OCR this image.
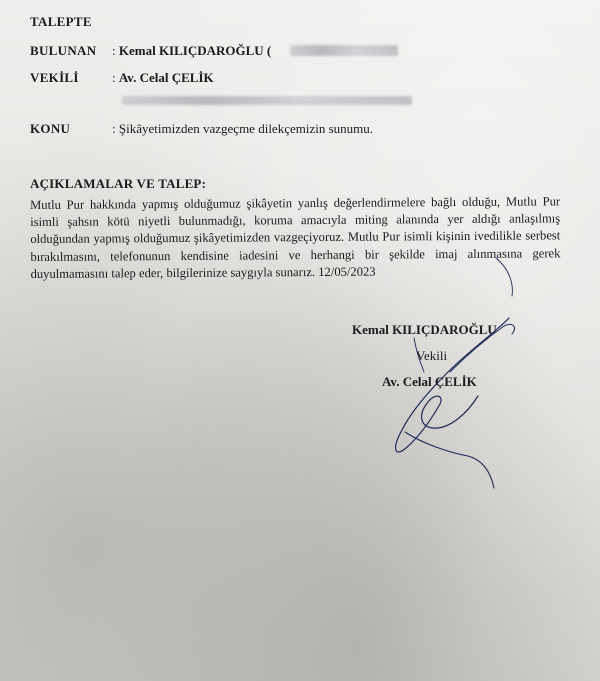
TALEPTE
BULUNAN : Kemal KILIÇDAROĞLU (
VEKİLİ	: Av. Celal ÇELİK
KONU	: Şikâyetimizden vazgeçme dilekçemizin sunumu.
AÇIKLAMALAR VE TALEP:
Mutlu Pur hakkında yapmış olduğumuz şikâyetin yanlış değerlendirmelere bağlı olduğu, Mutlu Pur isimli şahsın kötü niyetli bulunmadığı, koruma amacıyla miting alanında yer aldığı anlaşılmış olduğundan yapmış olduğumuz şikâyetimizden vazgeçiyoruz. Mutlu Pur isimli kişinin ivedilikle serbest bırakılmasını, telefonunun kendisine iadesini ve herhangi bir şekilde imaj alınmasına gerek duyulmamasını talep eder, bilgilerinize saygıyla sunarız. 12/05/2023
Kemal KILIÇDAROĞLU
Vekili
Av. Celal ÇELİK
